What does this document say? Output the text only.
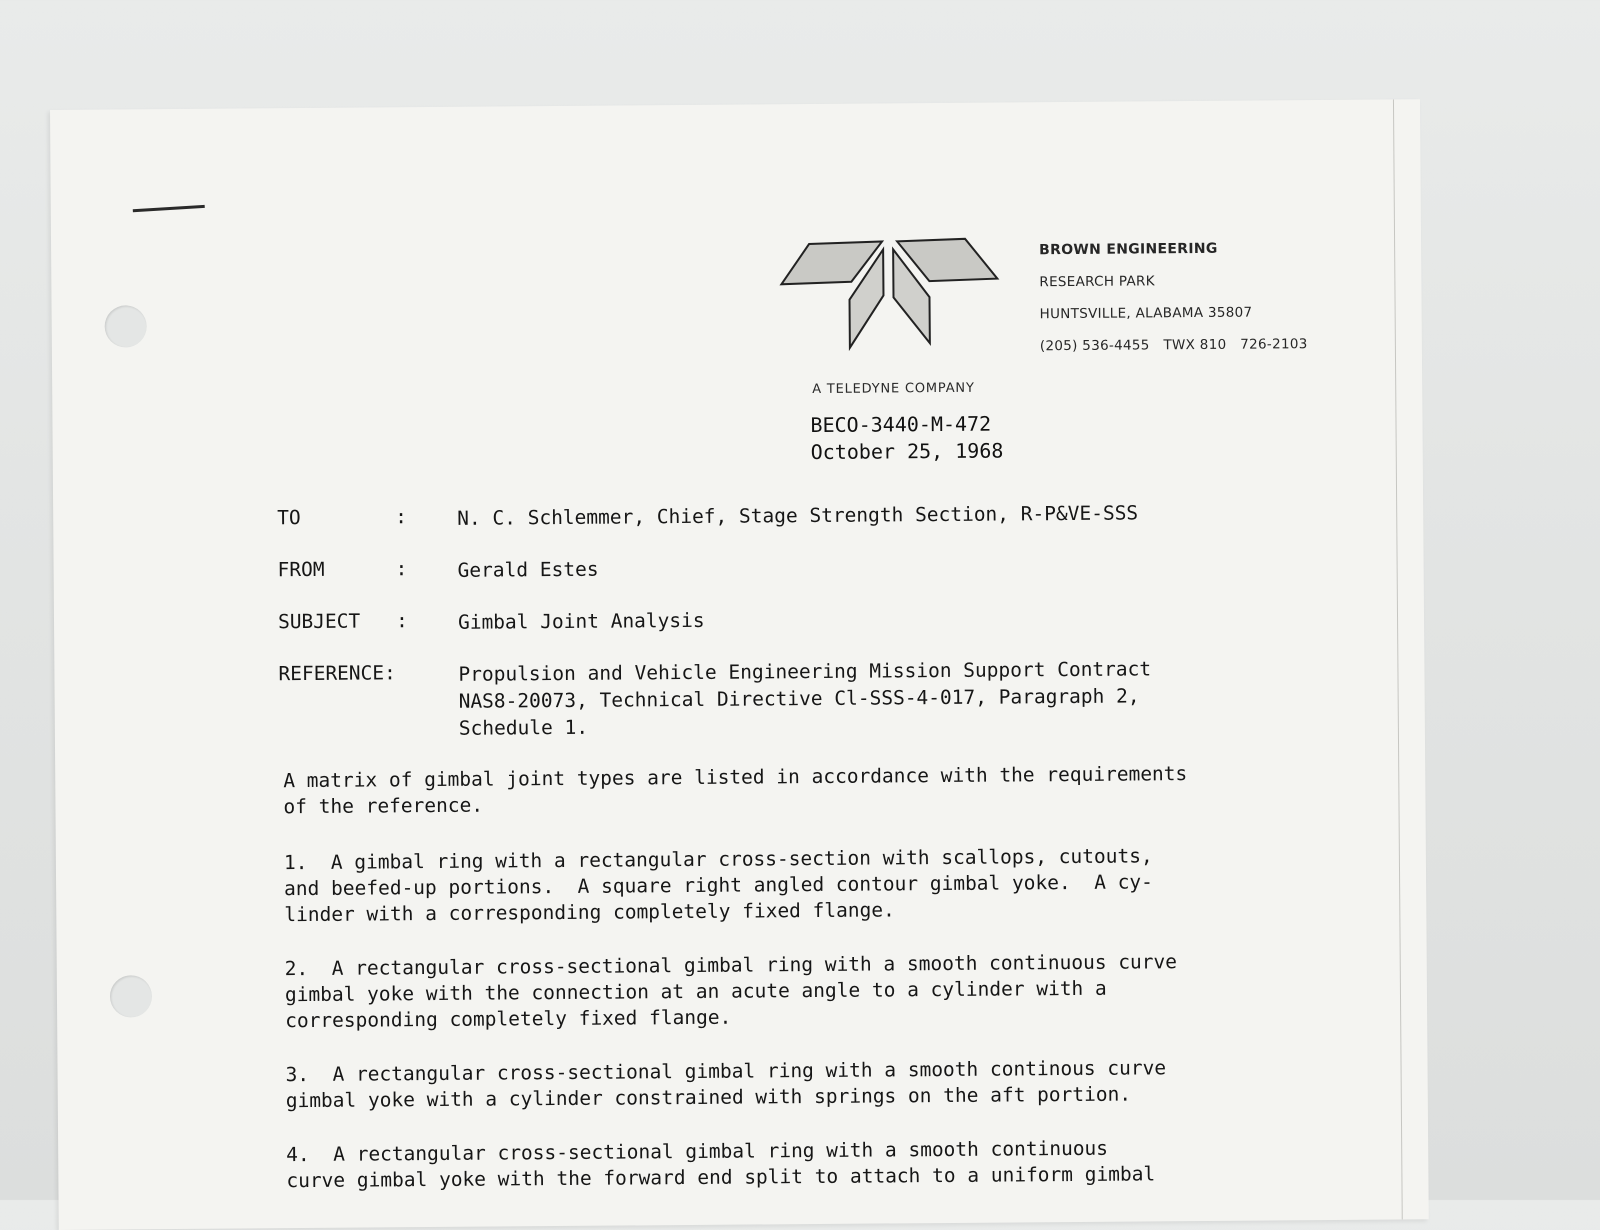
BROWN ENGINEERING
RESEARCH PARK
HUNTSVILLE, ALABAMA 35807
(205) 536-4455   TWX 810   726-2103
A TELEDYNE COMPANY
BECO-3440-M-472
October 25, 1968
TO	:	N. C. Schlemmer, Chief, Stage Strength Section, R-P&VE-SSS
FROM	:	Gerald Estes
SUBJECT :	Gimbal Joint Analysis
REFERENCE:	Propulsion and Vehicle Engineering Mission Support Contract
NAS8-20073, Technical Directive Cl-SSS-4-017, Paragraph 2,
Schedule 1.
A matrix of gimbal joint types are listed in accordance with the requirements
of the reference.
1.  A gimbal ring with a rectangular cross-section with scallops, cutouts,
and beefed-up portions.  A square right angled contour gimbal yoke.  A cy-
linder with a corresponding completely fixed flange.
2.  A rectangular cross-sectional gimbal ring with a smooth continuous curve
gimbal yoke with the connection at an acute angle to a cylinder with a
corresponding completely fixed flange.
3.  A rectangular cross-sectional gimbal ring with a smooth continous curve
gimbal yoke with a cylinder constrained with springs on the aft portion.
4.  A rectangular cross-sectional gimbal ring with a smooth continuous
curve gimbal yoke with the forward end split to attach to a uniform gimbal
